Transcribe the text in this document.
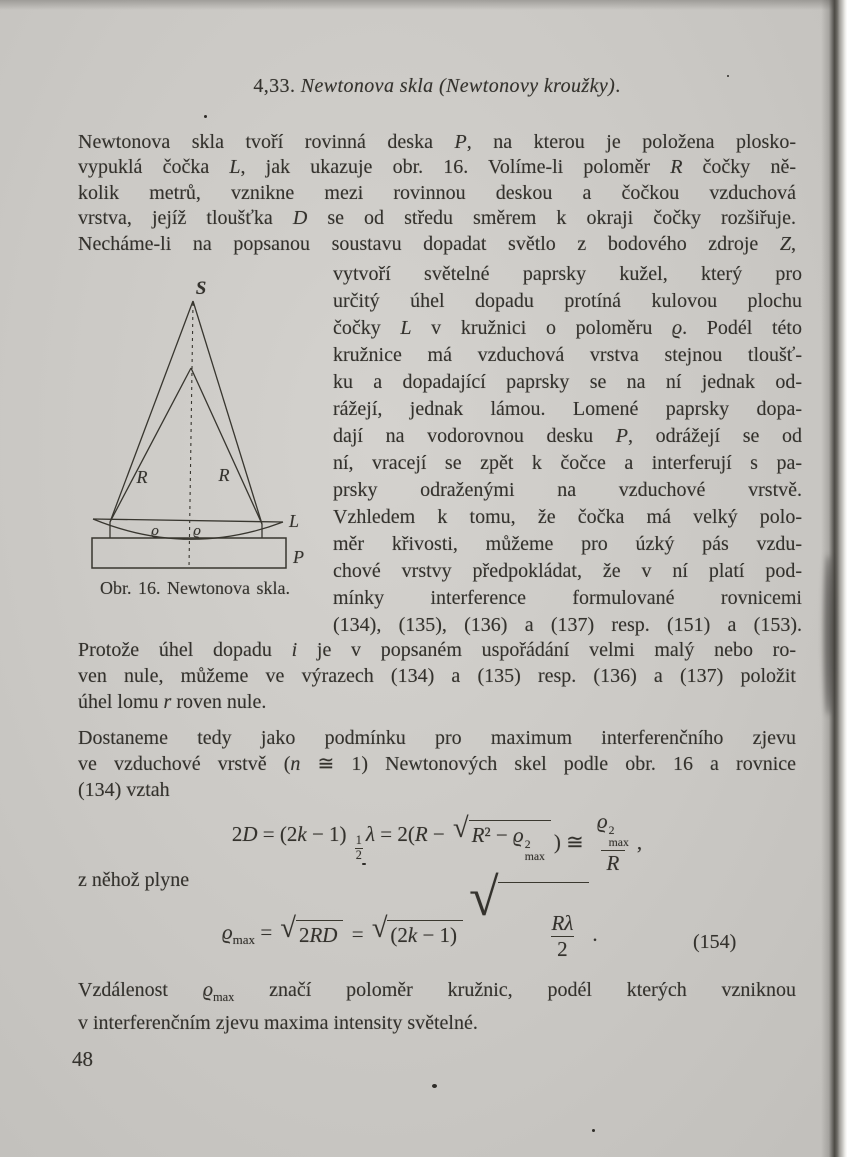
4,33. Newtonova skla (Newtonovy kroužky).
Newtonova skla tvoří rovinná deska P, na kterou je položena plosko-
vypuklá čočka L, jak ukazuje obr. 16. Volíme-li poloměr R čočky ně-
kolik metrů, vznikne mezi rovinnou deskou a čočkou vzduchová
vrstva, jejíž tloušťka D se od středu směrem k okraji čočky rozšiřuje.
Necháme-li na popsanou soustavu dopadat světlo z bodového zdroje Z,
S
R	R
ϱ ϱ	L
P
Obr. 16. Newtonova skla.
vytvoří světelné paprsky kužel, který pro
určitý úhel dopadu protíná kulovou plochu
čočky L v kružnici o poloměru ϱ. Podél této
kružnice má vzduchová vrstva stejnou tloušť-
ku a dopadající paprsky se na ní jednak od-
rážejí, jednak lámou. Lomené paprsky dopa-
dají na vodorovnou desku P, odrážejí se od
ní, vracejí se zpět k čočce a interferují s pa-
prsky odraženými na vzduchové vrstvě.
Vzhledem k tomu, že čočka má velký polo-
měr křivosti, můžeme pro úzký pás vzdu-
chové vrstvy předpokládat, že v ní platí pod-
mínky interference formulované rovnicemi
(134), (135), (136) a (137) resp. (151) a (153).
Protože úhel dopadu i je v popsaném uspořádání velmi malý nebo ro-
ven nule, můžeme ve výrazech (134) a (135) resp. (136) a (137) položit
úhel lomu r roven nule.
Dostaneme tedy jako podmínku pro maximum interferenčního zjevu
ve vzduchové vrstvě (n ≅ 1) Newtonových skel podle obr. 16 a rovnice
(134) vztah
2D = (2k − 1)
$\frac{1}{2}$
λ = 2(R − √ R² − ϱ 2
max
) ≅ ϱ 2
max
R ,
z něhož plyne
$ϱ_{max}$ = √ 2RD = √ (2k − 1)
√

$\frac{R\lambda}{2}$

.	(154)
Vzdálenost $ϱ_{max}$ značí poloměr kružnic, podél kterých vzniknou
v interferenčním zjevu maxima intensity světelné.
48
